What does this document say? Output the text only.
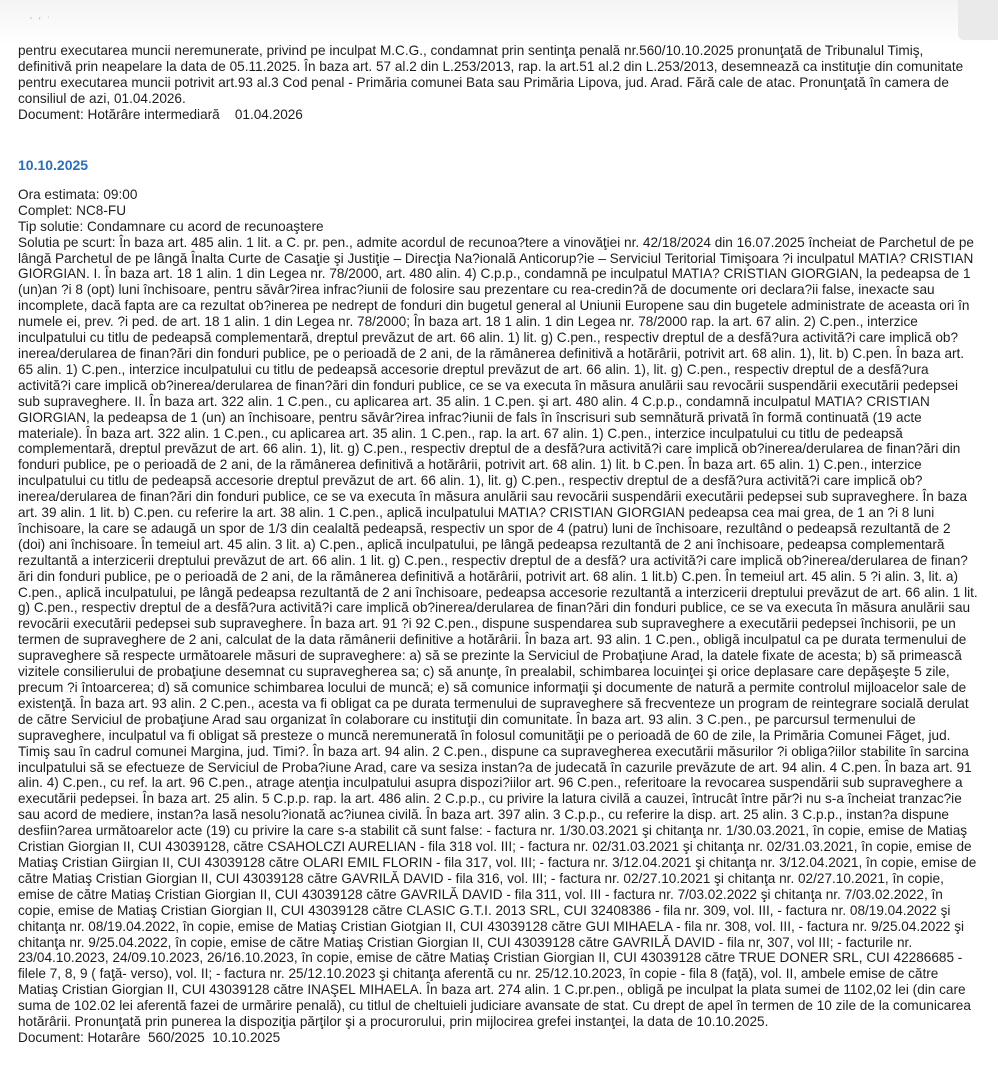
' ′ ˙

pentru executarea muncii neremunerate, privind pe inculpat M.C.G., condamnat prin sentinţa penală nr.560/10.10.2025 pronunţată de Tribunalul Timiş, definitivă prin neapelare la data de 05.11.2025. În baza art. 57 al.2 din L.253/2013, rap. la art.51 al.2 din L.253/2013, desemnează ca instituţie din comunitate pentru executarea muncii potrivit art.93 al.3 Cod penal - Primăria comunei Bata sau Primăria Lipova, jud. Arad. Fără cale de atac. Pronunţată în camera de consiliul de azi, 01.04.2026.

Document: Hotărâre intermediară    01.04.2026

10.10.2025

Ora estimata: 09:00

Complet: NC8-FU

Tip solutie: Condamnare cu acord de recunoaştere

Solutia pe scurt: În baza art. 485 alin. 1 lit. a C. pr. pen., admite acordul de recunoa?tere a vinovăţiei nr. 42/18/2024 din 16.07.2025 încheiat de Parchetul de pe lângă Parchetul de pe lângă Înalta Curte de Casaţie şi Justiţie – Direcţia Na?ională Anticorup?ie – Serviciul Teritorial Timişoara ?i inculpatul MATIA? CRISTIAN GIORGIAN. I. În baza art. 18 1 alin. 1 din Legea nr. 78/2000, art. 480 alin. 4) C.p.p., condamnă pe inculpatul MATIA? CRISTIAN GIORGIAN, la pedeapsa de 1 (un)an ?i 8 (opt) luni închisoare, pentru săvâr?irea infrac?iunii de folosire sau prezentare cu rea-credin?ă de documente ori declara?ii false, inexacte sau incomplete, dacă fapta are ca rezultat ob?inerea pe nedrept de fonduri din bugetul general al Uniunii Europene sau din bugetele administrate de aceasta ori în numele ei, prev. ?i ped. de art. 18 1 alin. 1 din Legea nr. 78/2000; În baza art. 18 1 alin. 1 din Legea nr. 78/2000 rap. la art. 67 alin. 2) C.pen., interzice inculpatului cu titlu de pedeapsă complementară, dreptul prevăzut de art. 66 alin. 1) lit. g) C.pen., respectiv dreptul de a desfă?ura activită?i care implică ob?inerea/derularea de finan?ări din fonduri publice, pe o perioadă de 2 ani, de la rămânerea definitivă a hotărârii, potrivit art. 68 alin. 1), lit. b) C.pen. În baza art. 65 alin. 1) C.pen., interzice inculpatului cu titlu de pedeapsă accesorie dreptul prevăzut de art. 66 alin. 1), lit. g) C.pen., respectiv dreptul de a desfă?ura activită?i care implică ob?inerea/derularea de finan?ări din fonduri publice, ce se va executa în măsura anulării sau revocării suspendării executării pedepsei sub supraveghere. II. În baza art. 322 alin. 1 C.pen., cu aplicarea art. 35 alin. 1 C.pen. şi art. 480 alin. 4 C.p.p., condamnă inculpatul MATIA? CRISTIAN GIORGIAN, la pedeapsa de 1 (un) an închisoare, pentru săvâr?irea infrac?iunii de fals în înscrisuri sub semnătură privată în formă continuată (19 acte materiale). În baza art. 322 alin. 1 C.pen., cu aplicarea art. 35 alin. 1 C.pen., rap. la art. 67 alin. 1) C.pen., interzice inculpatului cu titlu de pedeapsă complementară, dreptul prevăzut de art. 66 alin. 1), lit. g) C.pen., respectiv dreptul de a desfă?ura activită?i care implică ob?inerea/derularea de finan?ări din fonduri publice, pe o perioadă de 2 ani, de la rămânerea definitivă a hotărârii, potrivit art. 68 alin. 1) lit. b C.pen. În baza art. 65 alin. 1) C.pen., interzice inculpatului cu titlu de pedeapsă accesorie dreptul prevăzut de art. 66 alin. 1), lit. g) C.pen., respectiv dreptul de a desfă?ura activită?i care implică ob?inerea/derularea de finan?ări din fonduri publice, ce se va executa în măsura anulării sau revocării suspendării executării pedepsei sub supraveghere. În baza art. 39 alin. 1 lit. b) C.pen. cu referire la art. 38 alin. 1 C.pen., aplică inculpatului MATIA? CRISTIAN GIORGIAN pedeapsa cea mai grea, de 1 an ?i 8 luni închisoare, la care se adaugă un spor de 1/3 din cealaltă pedeapsă, respectiv un spor de 4 (patru) luni de închisoare, rezultând o pedeapsă rezultantă de 2 (doi) ani închisoare. În temeiul art. 45 alin. 3 lit. a) C.pen., aplică inculpatului, pe lângă pedeapsa rezultantă de 2 ani închisoare, pedeapsa complementară rezultantă a interzicerii dreptului prevăzut de art. 66 alin. 1 lit. g) C.pen., respectiv dreptul de a desfă? ura activită?i care implică ob?inerea/derularea de finan?ări din fonduri publice, pe o perioadă de 2 ani, de la rămânerea definitivă a hotărârii, potrivit art. 68 alin. 1 lit.b) C.pen. În temeiul art. 45 alin. 5 ?i alin. 3, lit. a) C.pen., aplică inculpatului, pe lângă pedeapsa rezultantă de 2 ani închisoare, pedeapsa accesorie rezultantă a interzicerii dreptului prevăzut de art. 66 alin. 1 lit. g) C.pen., respectiv dreptul de a desfă?ura activită?i care implică ob?inerea/derularea de finan?ări din fonduri publice, ce se va executa în măsura anulării sau revocării executării pedepsei sub supraveghere. În baza art. 91 ?i 92 C.pen., dispune suspendarea sub supraveghere a executării pedepsei închisorii, pe un termen de supraveghere de 2 ani, calculat de la data rămânerii definitive a hotărârii. În baza art. 93 alin. 1 C.pen., obligă inculpatul ca pe durata termenului de supraveghere să respecte următoarele măsuri de supraveghere: a) să se prezinte la Serviciul de Probaţiune Arad, la datele fixate de acesta; b) să primească vizitele consilierului de probaţiune desemnat cu supravegherea sa; c) să anunţe, în prealabil, schimbarea locuinţei şi orice deplasare care depăşeşte 5 zile, precum ?i întoarcerea; d) să comunice schimbarea locului de muncă; e) să comunice informaţii şi documente de natură a permite controlul mijloacelor sale de existenţă. În baza art. 93 alin. 2 C.pen., acesta va fi obligat ca pe durata termenului de supraveghere să frecventeze un program de reintegrare socială derulat de către Serviciul de probaţiune Arad sau organizat în colaborare cu instituţii din comunitate. În baza art. 93 alin. 3 C.pen., pe parcursul termenului de supraveghere, inculpatul va fi obligat să presteze o muncă neremunerată în folosul comunităţii pe o perioadă de 60 de zile, la Primăria Comunei Făget, jud. Timiş sau în cadrul comunei Margina, jud. Timi?. În baza art. 94 alin. 2 C.pen., dispune ca supravegherea executării măsurilor ?i obliga?iilor stabilite în sarcina inculpatului să se efectueze de Serviciul de Proba?iune Arad, care va sesiza instan?a de judecată în cazurile prevăzute de art. 94 alin. 4 C.pen. În baza art. 91 alin. 4) C.pen., cu ref. la art. 96 C.pen., atrage atenţia inculpatului asupra dispozi?iilor art. 96 C.pen., referitoare la revocarea suspendării sub supraveghere a executării pedepsei. În baza art. 25 alin. 5 C.p.p. rap. la art. 486 alin. 2 C.p.p., cu privire la latura civilă a cauzei, întrucât între păr?i nu s-a încheiat tranzac?ie sau acord de mediere, instan?a lasă nesolu?ionată ac?iunea civilă. În baza art. 397 alin. 3 C.p.p., cu referire la disp. art. 25 alin. 3 C.p.p., instan?a dispune desfiin?area următoarelor acte (19) cu privire la care s-a stabilit că sunt false: - factura nr. 1/30.03.2021 şi chitanţa nr. 1/30.03.2021, în copie, emise de Matiaş Cristian Giorgian II, CUI 43039128, către CSAHOLCZI AURELIAN - fila 318 vol. III; - factura nr. 02/31.03.2021 şi chitanţa nr. 02/31.03.2021, în copie, emise de Matiaş Cristian Giirgian II, CUI 43039128 către OLARI EMIL FLORIN - fila 317, vol. III; - factura nr. 3/12.04.2021 şi chitanţa nr. 3/12.04.2021, în copie, emise de către Matiaş Cristian Giorgian II, CUI 43039128 către GAVRILĂ DAVID - fila 316, vol. III; - factura nr. 02/27.10.2021 şi chitanţa nr. 02/27.10.2021, în copie, emise de către Matiaş Cristian Giorgian II, CUI 43039128 către GAVRILĂ DAVID - fila 311, vol. III - factura nr. 7/03.02.2022 şi chitanţa nr. 7/03.02.2022, în copie, emise de Matiaş Cristian Giorgian II, CUI 43039128 către CLASIC G.T.I. 2013 SRL, CUI 32408386 - fila nr. 309, vol. III, - factura nr. 08/19.04.2022 şi chitanţa nr. 08/19.04.2022, în copie, emise de Matiaş Cristian Giotgian II, CUI 43039128 către GUI MIHAELA - fila nr. 308, vol. III, - factura nr. 9/25.04.2022 şi chitanţa nr. 9/25.04.2022, în copie, emise de către Matiaş Cristian Giorgian II, CUI 43039128 către GAVRILĂ DAVID - fila nr, 307, vol III; - facturile nr. 23/04.10.2023, 24/09.10.2023, 26/16.10.2023, în copie, emise de către Matiaş Cristian Giorgian II, CUI 43039128 către TRUE DONER SRL, CUI 42286685 - filele 7, 8, 9 ( faţă- verso), vol. II; - factura nr. 25/12.10.2023 şi chitanţa aferentă cu nr. 25/12.10.2023, în copie - fila 8 (faţă), vol. II, ambele emise de către Matiaş Cristian Giorgian II, CUI 43039128 către INAŞEL MIHAELA. În baza art. 274 alin. 1 C.pr.pen., obligă pe inculpat la plata sumei de 1102,02 lei (din care suma de 102.02 lei aferentă fazei de urmărire penală), cu titlul de cheltuieli judiciare avansate de stat. Cu drept de apel în termen de 10 zile de la comunicarea hotărârii. Pronunţată prin punerea la dispoziţia părţilor şi a procurorului, prin mijlocirea grefei instanţei, la data de 10.10.2025.

Document: Hotarâre  560/2025  10.10.2025
